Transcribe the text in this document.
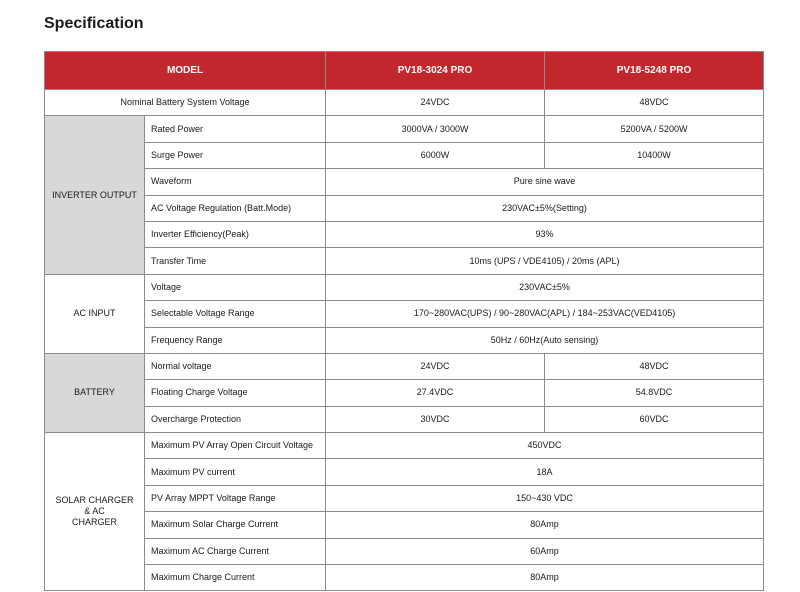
Specification
MODEL		PV18-3024 PRO	PV18-5248 PRO
Nominal Battery System Voltage		24VDC	48VDC
INVERTER OUTPUT	Rated Power	3000VA / 3000W	5200VA / 5200W
	Surge Power	6000W	10400W
	Waveform	Pure sine wave	
	AC Voltage Regulation (Batt.Mode)	230VAC±5%(Setting)	
	Inverter Efficiency(Peak)	93%	
	Transfer Time	10ms (UPS / VDE4105) / 20ms (APL)	
AC INPUT	Voltage	230VAC±5%	
	Selectable Voltage Range	170~280VAC(UPS) / 90~280VAC(APL) / 184~253VAC(VED4105)	
	Frequency Range	50Hz / 60Hz(Auto sensing)	
BATTERY	Normal voltage	24VDC	48VDC
	Floating Charge Voltage	27.4VDC	54.8VDC
	Overcharge Protection	30VDC	60VDC

SOLAR CHARGER
& AC
CHARGER	Maximum PV Array Open Circuit Voltage	450VDC	
	Maximum PV current	18A	
	PV Array MPPT Voltage Range	150~430 VDC	
	Maximum Solar Charge Current	80Amp	
	Maximum AC Charge Current	60Amp	
	Maximum Charge Current	80Amp	
